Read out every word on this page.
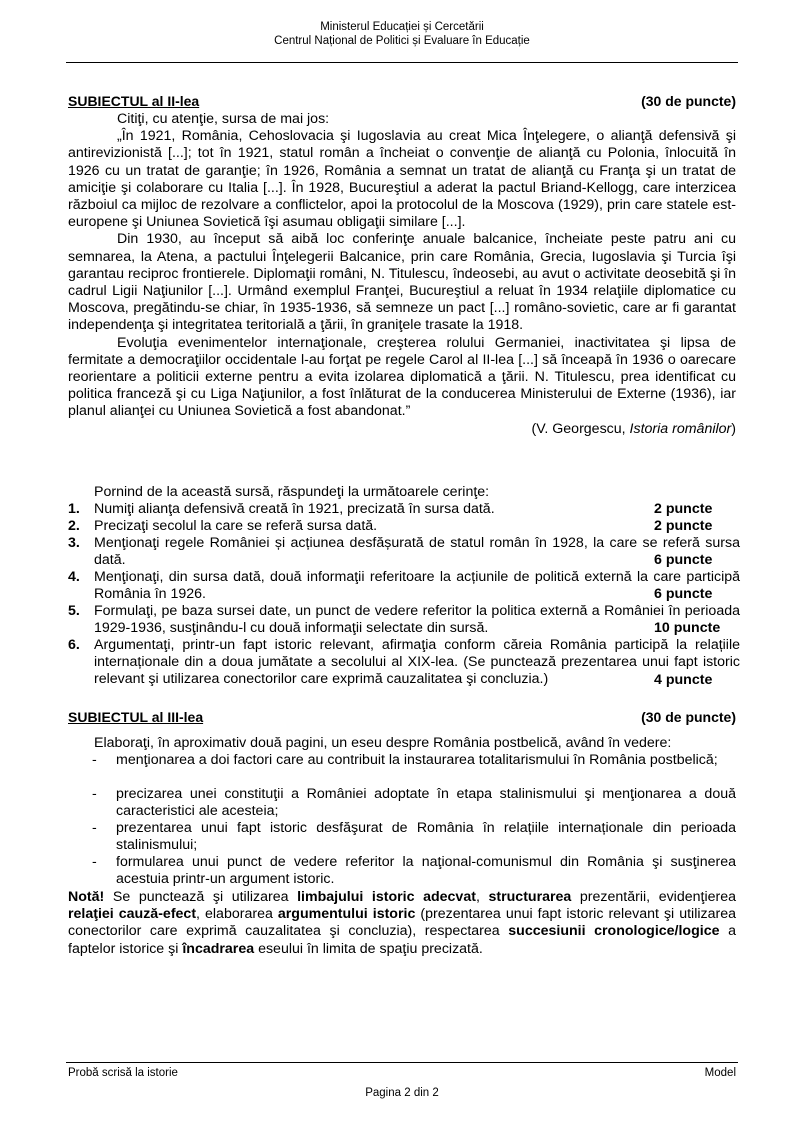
Ministerul Educației și Cercetării
Centrul Național de Politici și Evaluare în Educație
SUBIECTUL al II-lea	(30 de puncte)

Citiţi, cu atenţie, sursa de mai jos:

„În 1921, România, Cehoslovacia şi Iugoslavia au creat Mica Înţelegere, o alianţă defensivă şi antirevizionistă [...]; tot în 1921, statul român a încheiat o convenţie de alianţă cu Polonia, înlocuită în 1926 cu un tratat de garanţie; în 1926, România a semnat un tratat de alianţă cu Franţa şi un tratat de amiciţie şi colaborare cu Italia [...]. În 1928, Bucureştiul a aderat la pactul Briand-Kellogg, care interzicea războiul ca mijloc de rezolvare a conflictelor, apoi la protocolul de la Moscova (1929), prin care statele est-europene şi Uniunea Sovietică îşi asumau obligaţii similare [...].

Din 1930, au început să aibă loc conferinţe anuale balcanice, încheiate peste patru ani cu semnarea, la Atena, a pactului Înţelegerii Balcanice, prin care România, Grecia, Iugoslavia şi Turcia îşi garantau reciproc frontierele. Diplomaţii români, N. Titulescu, îndeosebi, au avut o activitate deosebită şi în cadrul Ligii Naţiunilor [...]. Urmând exemplul Franţei, Bucureştiul a reluat în 1934 relaţiile diplomatice cu Moscova, pregătindu-se chiar, în 1935-1936, să semneze un pact [...] româno-sovietic, care ar fi garantat independenţa şi integritatea teritorială a ţării, în graniţele trasate la 1918.

Evoluţia evenimentelor internaţionale, creşterea rolului Germaniei, inactivitatea şi lipsa de fermitate a democraţiilor occidentale l-au forţat pe regele Carol al II-lea [...] să înceapă în 1936 o oarecare reorientare a politicii externe pentru a evita izolarea diplomatică a ţării. N. Titulescu, prea identificat cu politica franceză şi cu Liga Naţiunilor, a fost înlăturat de la conducerea Ministerului de Externe (1936), iar planul alianţei cu Uniunea Sovietică a fost abandonat.”

(V. Georgescu, Istoria românilor)

Pornind de la această sursă, răspundeţi la următoarele cerinţe:
1. Numiţi alianţa defensivă creată în 1921, precizată în sursa dată.	2 puncte
2. Precizaţi secolul la care se referă sursa dată.	2 puncte
3. Menţionaţi regele României și acțiunea desfășurată de statul român în 1928, la care se referă sursa dată.	6 puncte
4. Menţionaţi, din sursa dată, două informaţii referitoare la acțiunile de politică externă la care participă România în 1926.	6 puncte
5. Formulaţi, pe baza sursei date, un punct de vedere referitor la politica externă a României în perioada 1929-1936, susţinându-l cu două informaţii selectate din sursă.	10 puncte
6. Argumentaţi, printr-un fapt istoric relevant, afirmaţia conform căreia România participă la relațiile internaționale din a doua jumătate a secolului al XIX-lea. (Se punctează prezentarea unui fapt istoric relevant şi utilizarea conectorilor care exprimă cauzalitatea şi concluzia.)	4 puncte
SUBIECTUL al III-lea	(30 de puncte)
Elaboraţi, în aproximativ două pagini, un eseu despre România postbelică, având în vedere:
- menţionarea a doi factori care au contribuit la instaurarea totalitarismului în România postbelică;
- precizarea unei constituţii a României adoptate în etapa stalinismului şi menţionarea a două caracteristici ale acesteia;
- prezentarea unui fapt istoric desfăşurat de România în relațiile internaționale din perioada stalinismului;
- formularea unui punct de vedere referitor la naţional-comunismul din România şi susţinerea acestuia printr-un argument istoric.
Notă! Se punctează şi utilizarea limbajului istoric adecvat, structurarea prezentării, evidenţierea relaţiei cauză-efect, elaborarea argumentului istoric (prezentarea unui fapt istoric relevant şi utilizarea conectorilor care exprimă cauzalitatea şi concluzia), respectarea succesiunii cronologice/logice a faptelor istorice şi încadrarea eseului în limita de spaţiu precizată.
Probă scrisă la istorie	Model
Pagina 2 din 2
